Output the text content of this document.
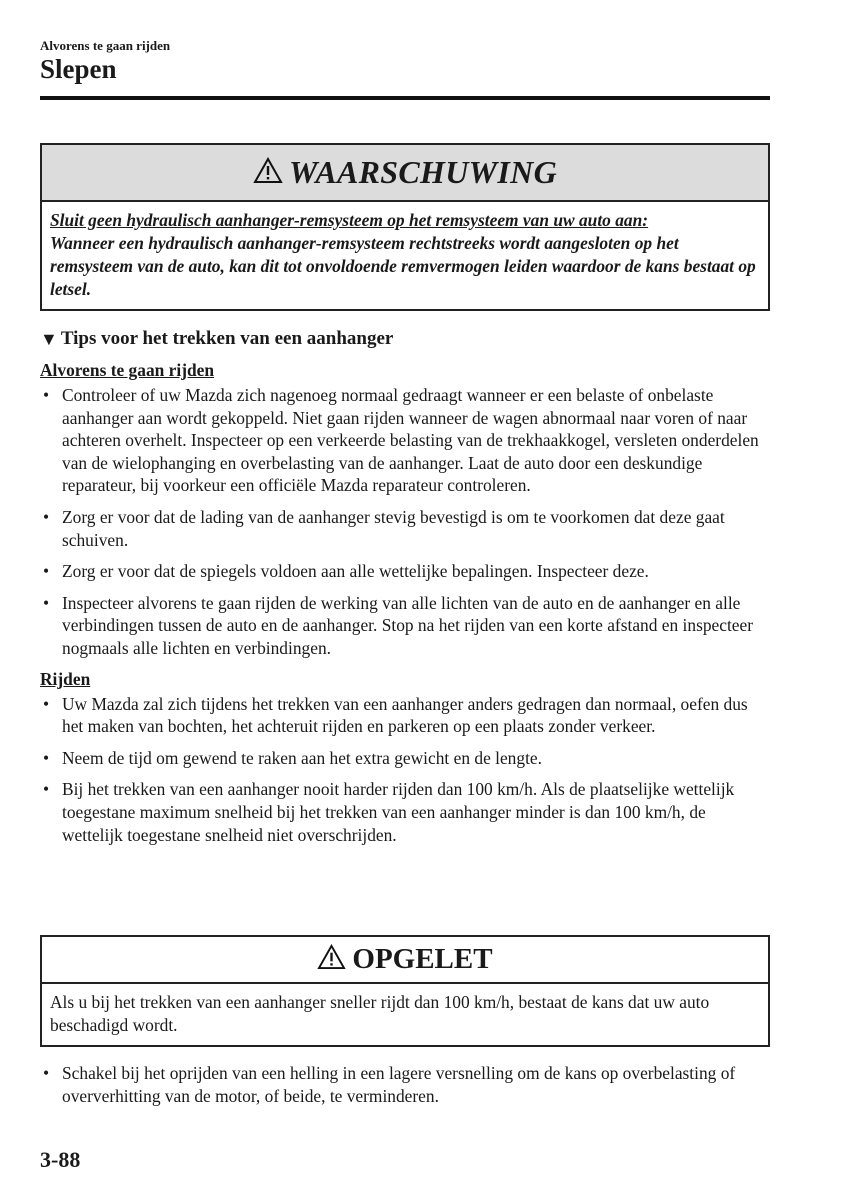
Alvorens te gaan rijden
Slepen
WAARSCHUWING
Sluit geen hydraulisch aanhanger-remsysteem op het remsysteem van uw auto aan:
Wanneer een hydraulisch aanhanger-remsysteem rechtstreeks wordt aangesloten op het remsysteem van de auto, kan dit tot onvoldoende remvermogen leiden waardoor de kans bestaat op letsel.
▼ Tips voor het trekken van een aanhanger
Alvorens te gaan rijden
• Controleer of uw Mazda zich nagenoeg normaal gedraagt wanneer er een belaste of onbelaste aanhanger aan wordt gekoppeld. Niet gaan rijden wanneer de wagen abnormaal naar voren of naar achteren overhelt. Inspecteer op een verkeerde belasting van de trekhaakkogel, versleten onderdelen van de wielophanging en overbelasting van de aanhanger. Laat de auto door een deskundige reparateur, bij voorkeur een officiële Mazda reparateur controleren.
• Zorg er voor dat de lading van de aanhanger stevig bevestigd is om te voorkomen dat deze gaat schuiven.
• Zorg er voor dat de spiegels voldoen aan alle wettelijke bepalingen. Inspecteer deze.
• Inspecteer alvorens te gaan rijden de werking van alle lichten van de auto en de aanhanger en alle verbindingen tussen de auto en de aanhanger. Stop na het rijden van een korte afstand en inspecteer nogmaals alle lichten en verbindingen.
Rijden
• Uw Mazda zal zich tijdens het trekken van een aanhanger anders gedragen dan normaal, oefen dus het maken van bochten, het achteruit rijden en parkeren op een plaats zonder verkeer.
• Neem de tijd om gewend te raken aan het extra gewicht en de lengte.
• Bij het trekken van een aanhanger nooit harder rijden dan 100 km/h. Als de plaatselijke wettelijk toegestane maximum snelheid bij het trekken van een aanhanger minder is dan 100 km/h, de wettelijk toegestane snelheid niet overschrijden.
OPGELET
Als u bij het trekken van een aanhanger sneller rijdt dan 100 km/h, bestaat de kans dat uw auto beschadigd wordt.
• Schakel bij het oprijden van een helling in een lagere versnelling om de kans op overbelasting of oververhitting van de motor, of beide, te verminderen.
3-88
